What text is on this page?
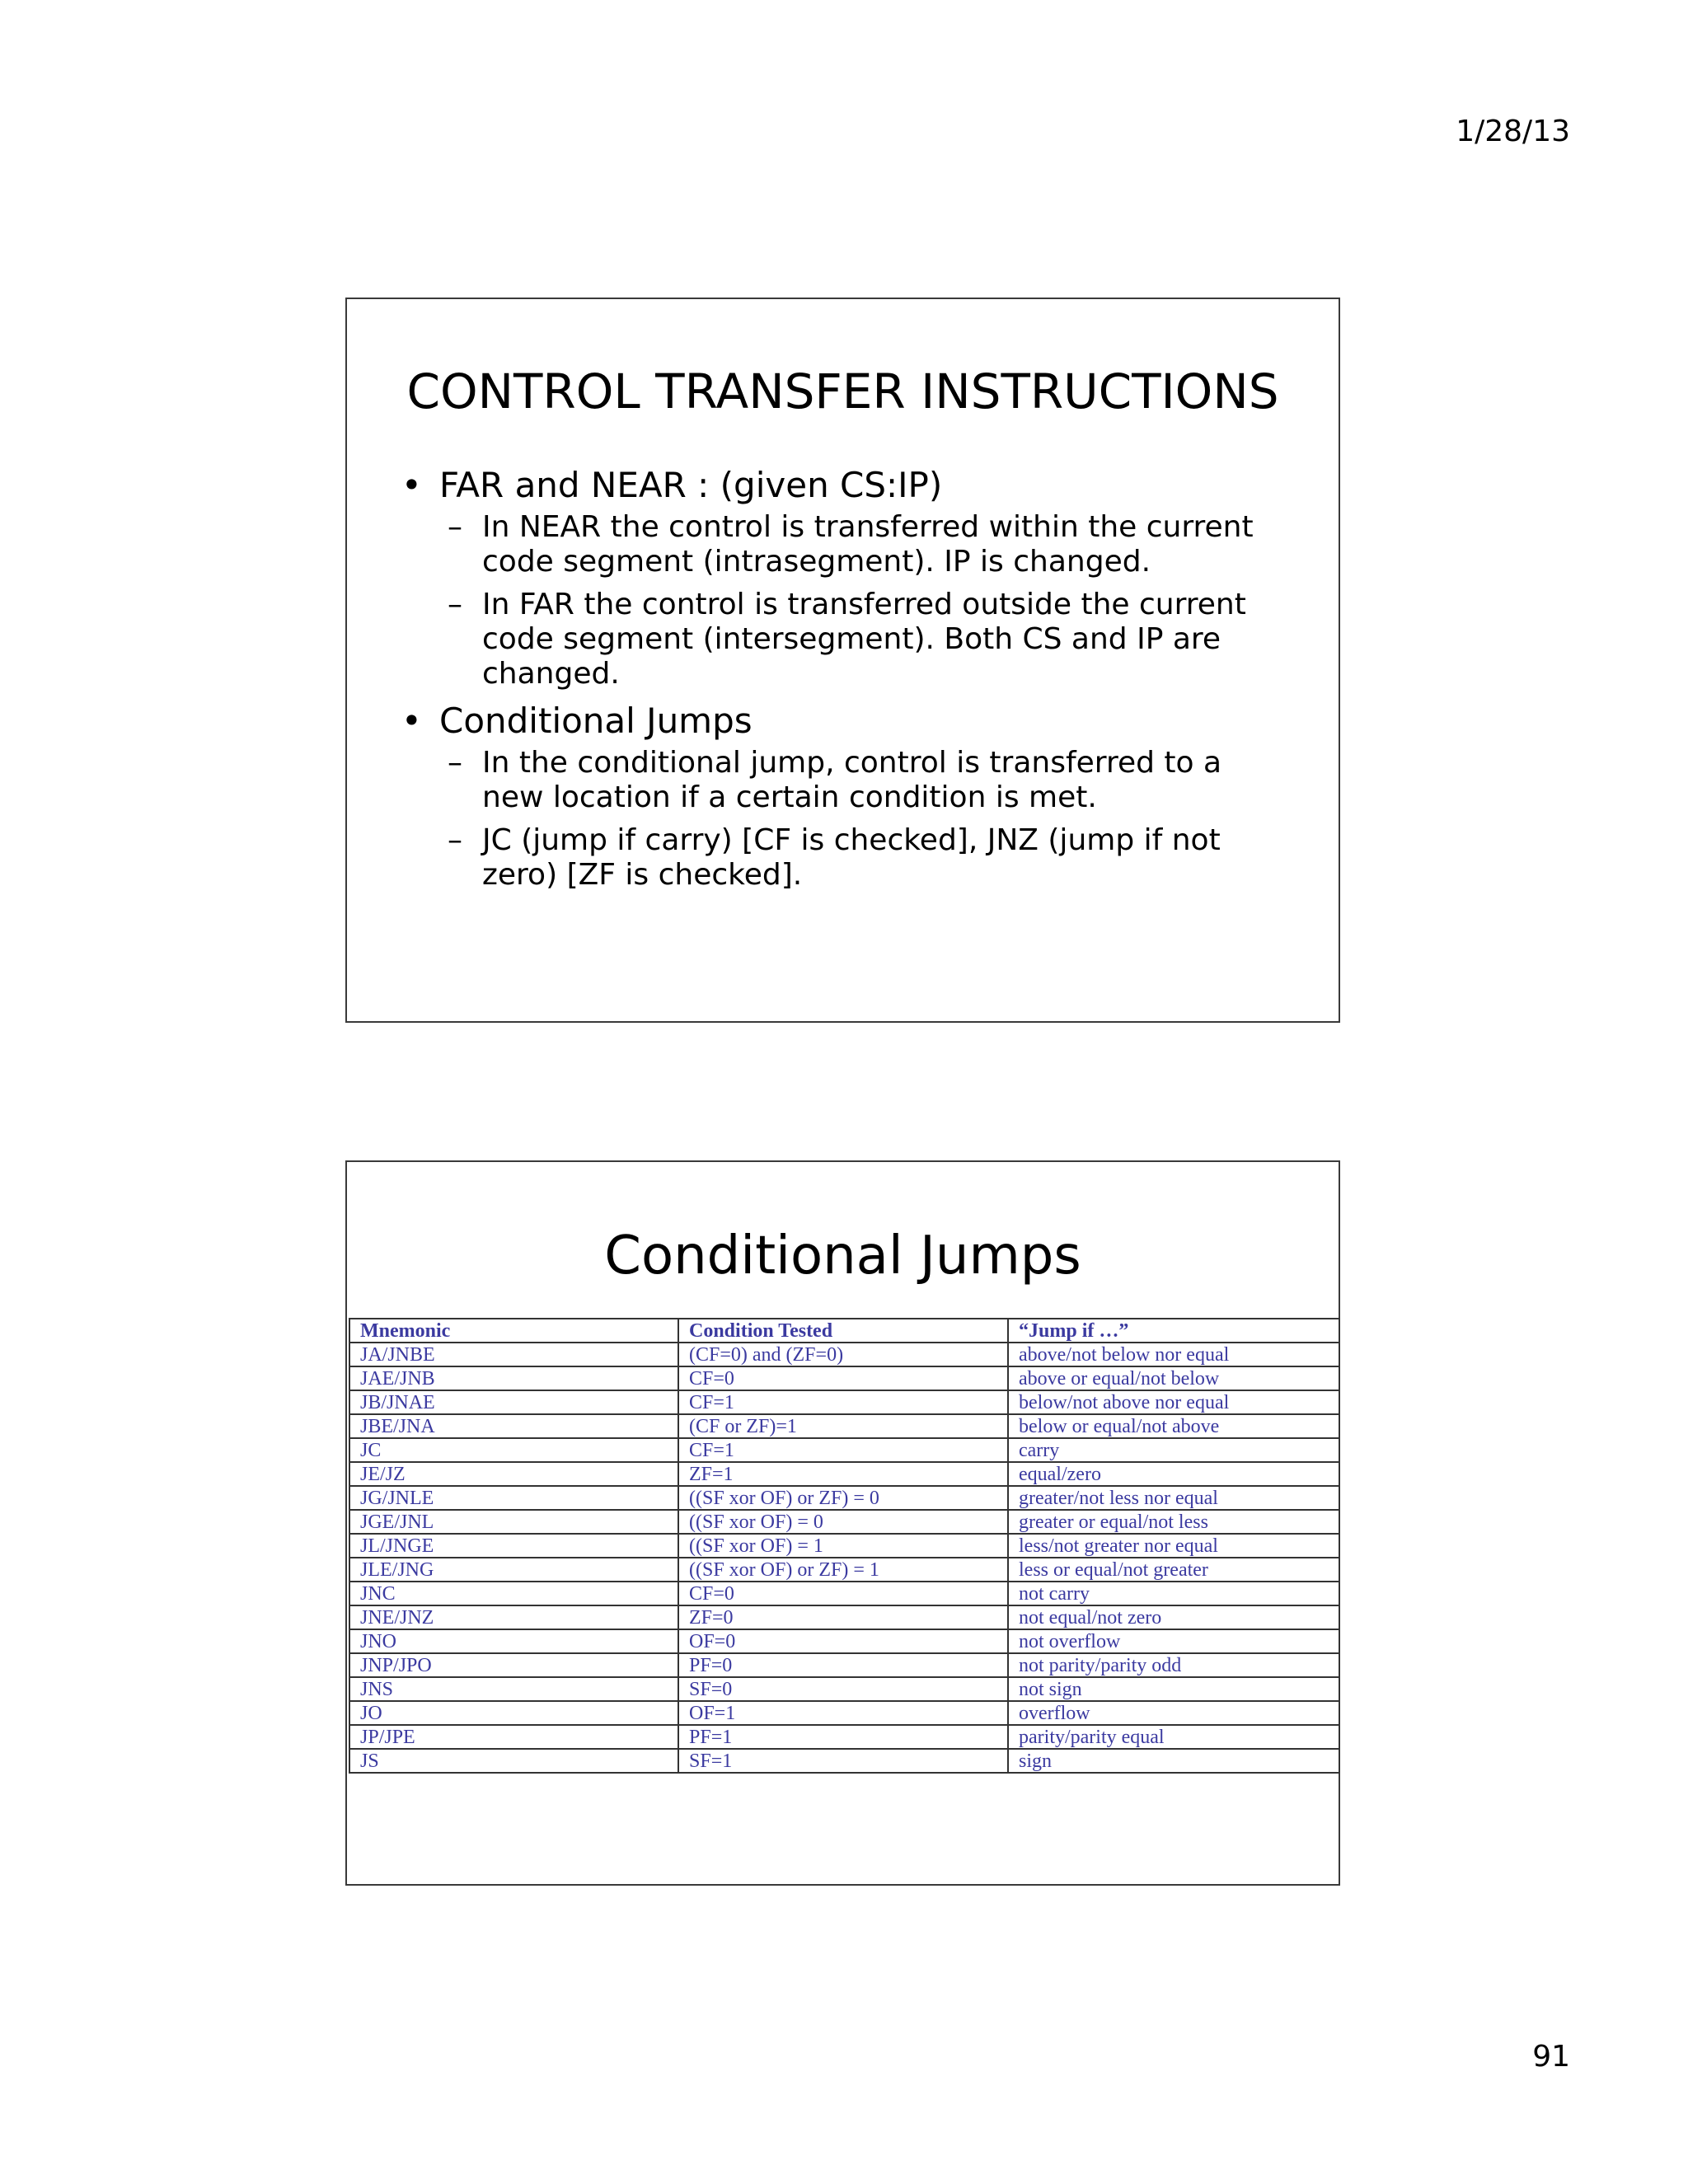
1/28/13
CONTROL TRANSFER INSTRUCTIONS
• FAR and NEAR : (given CS:IP)
– In NEAR the control is transferred within the current code segment (intrasegment). IP is changed.
– In FAR the control is transferred outside the current code segment (intersegment). Both CS and IP are changed.
• Conditional Jumps
– In the conditional jump, control is transferred to a new location if a certain condition is met.
– JC (jump if carry) [CF is checked], JNZ (jump if not zero) [ZF is checked].
Conditional Jumps
Mnemonic	Condition Tested	“Jump if …”
JA/JNBE	(CF=0) and (ZF=0)	above/not below nor equal
JAE/JNB	CF=0	above or equal/not below
JB/JNAE	CF=1	below/not above nor equal
JBE/JNA	(CF or ZF)=1	below or equal/not above
JC	CF=1	carry
JE/JZ	ZF=1	equal/zero
JG/JNLE	((SF xor OF) or ZF) = 0	greater/not less nor equal
JGE/JNL	((SF xor OF) = 0	greater or equal/not less
JL/JNGE	((SF xor OF) = 1	less/not greater nor equal
JLE/JNG	((SF xor OF) or ZF) = 1	less or equal/not greater
JNC	CF=0	not carry
JNE/JNZ	ZF=0	not equal/not zero
JNO	OF=0	not overflow
JNP/JPO	PF=0	not parity/parity odd
JNS	SF=0	not sign
JO	OF=1	overflow
JP/JPE	PF=1	parity/parity equal
JS	SF=1	sign
91
